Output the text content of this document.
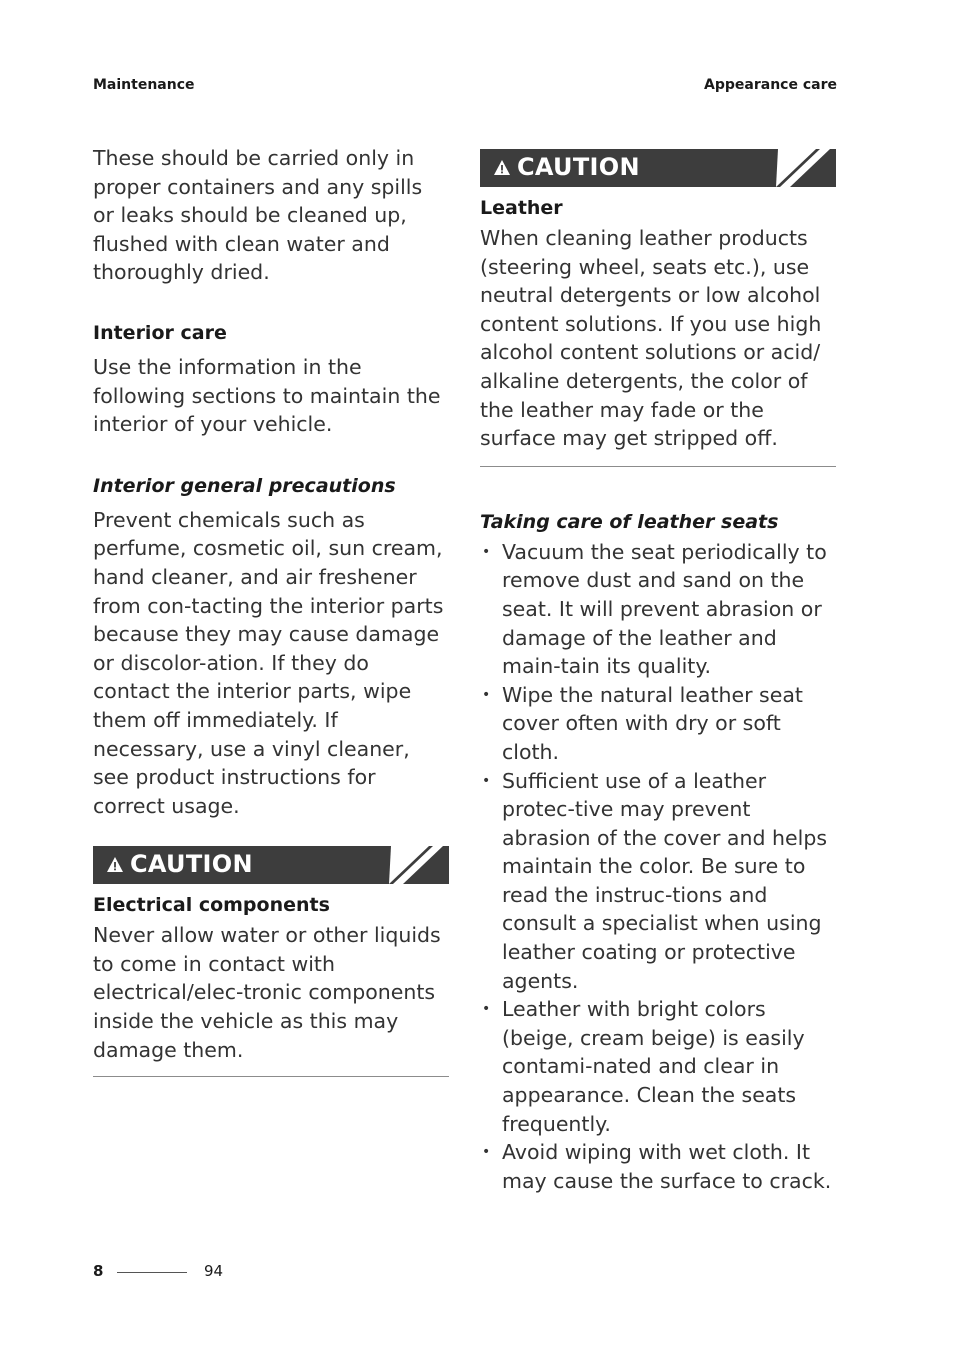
Maintenance	Appearance care

These should be carried only in proper containers and any spills or leaks should be cleaned up, flushed with clean water and thoroughly dried.

Interior care

Use the information in the following sections to maintain the interior of your vehicle.

Interior general precautions

Prevent chemicals such as perfume, cosmetic oil, sun cream, hand cleaner, and air freshener from con-tacting the interior parts because they may cause damage or discolor-ation. If they do contact the interior parts, wipe them off immediately. If necessary, use a vinyl cleaner, see product instructions for correct usage.

CAUTION

Electrical components

Never allow water or other liquids to come in contact with electrical/elec-tronic components inside the vehicle as this may damage them.

CAUTION

Leather

When cleaning leather products (steering wheel, seats etc.), use neutral detergents or low alcohol content solutions. If you use high alcohol content solutions or acid/ alkaline detergents, the color of the leather may fade or the surface may get stripped off.

Taking care of leather seats

• Vacuum the seat periodically to remove dust and sand on the seat. It will prevent abrasion or damage of the leather and main-tain its quality.
• Wipe the natural leather seat cover often with dry or soft cloth.
• Sufficient use of a leather protec-tive may prevent abrasion of the cover and helps maintain the color. Be sure to read the instruc-tions and consult a specialist when using leather coating or protective agents.
• Leather with bright colors (beige, cream beige) is easily contami-nated and clear in appearance. Clean the seats frequently.
• Avoid wiping with wet cloth. It may cause the surface to crack.
8	94
